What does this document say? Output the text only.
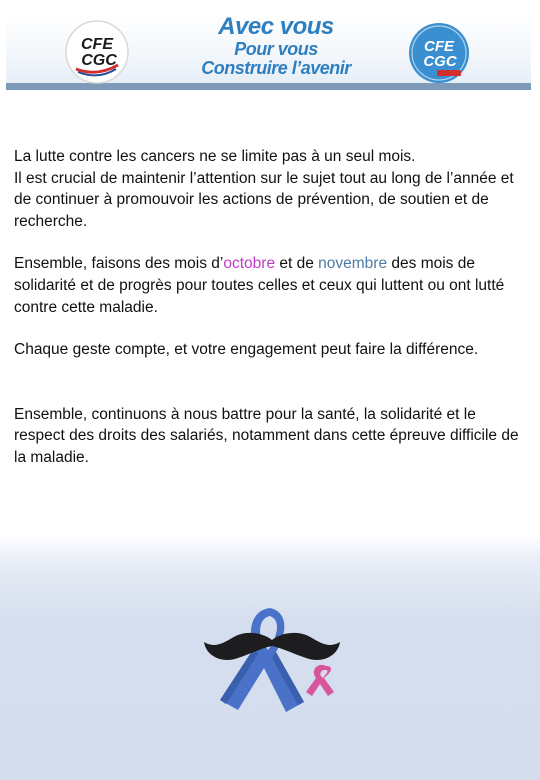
CFE
CGC
Avec vous
Pour vous
Construire l’avenir
CFE
CGC

La lutte contre les cancers ne se limite pas à un seul mois.
Il est crucial de maintenir l’attention sur le sujet tout au long de l’année et de continuer à promouvoir les actions de prévention, de soutien et de recherche.

Ensemble, faisons des mois d’octobre et de novembre des mois de solidarité et de progrès pour toutes celles et ceux qui luttent ou ont lutté contre cette maladie.

Chaque geste compte, et votre engagement peut faire la différence.

Ensemble, continuons à nous battre pour la santé, la solidarité et le respect des droits des salariés, notamment dans cette épreuve difficile de la maladie.
